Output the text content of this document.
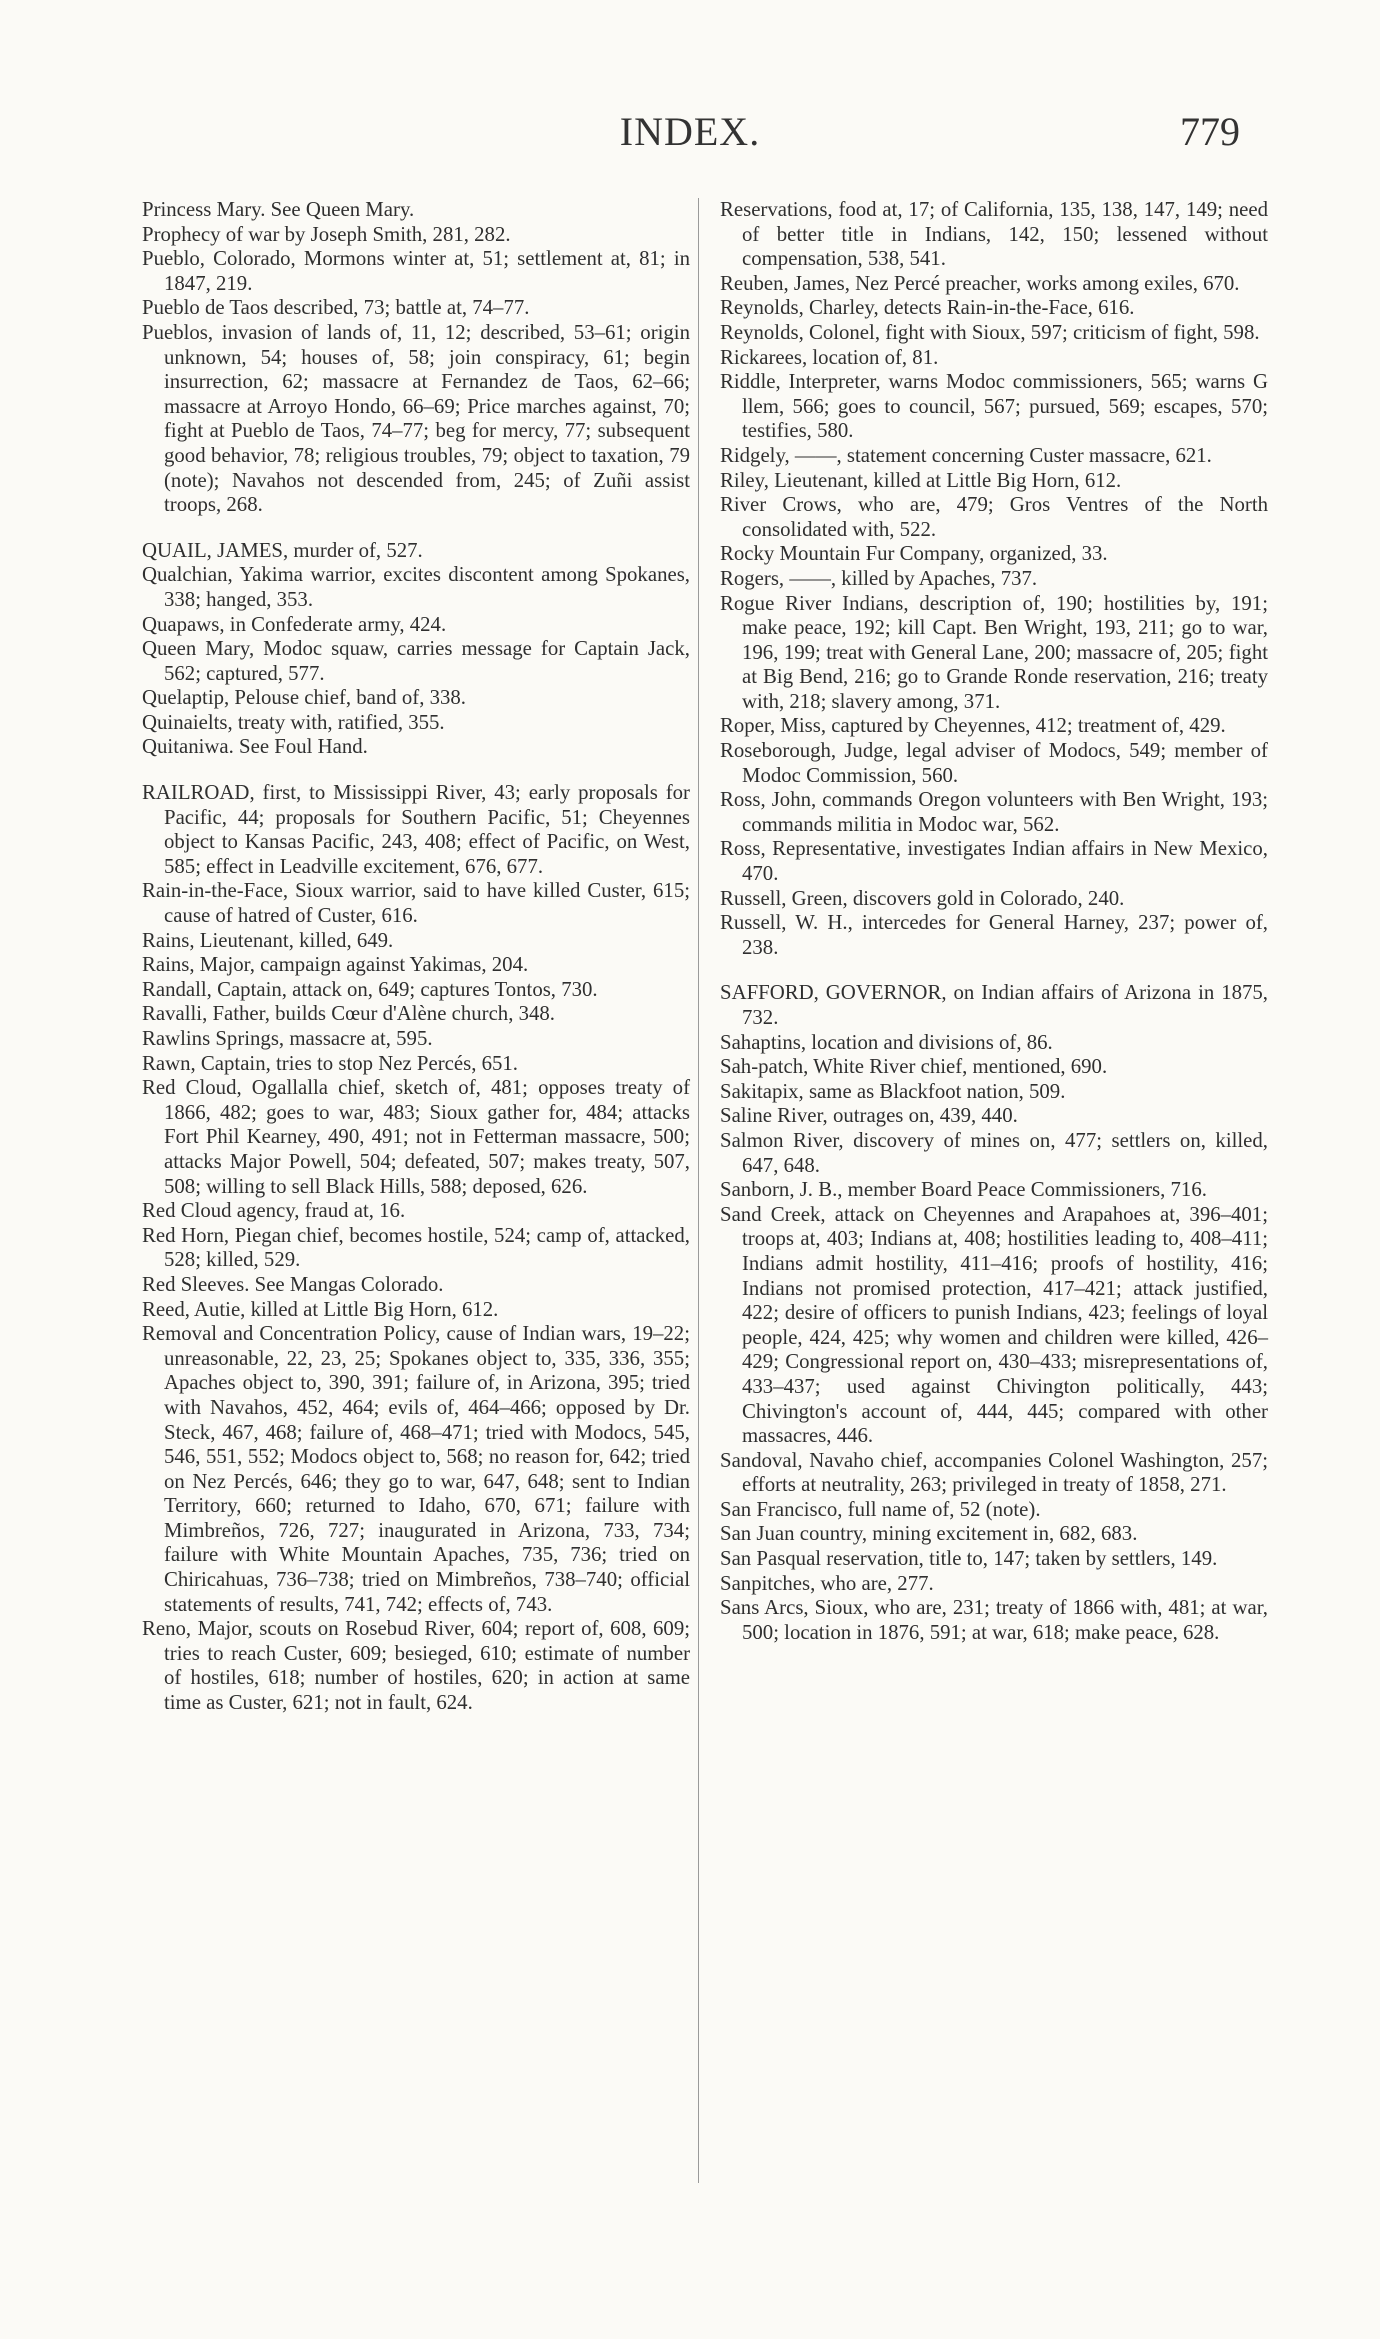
INDEX.	779

Princess Mary. See Queen Mary.

Prophecy of war by Joseph Smith, 281, 282.

Pueblo, Colorado, Mormons winter at, 51; settlement at, 81; in 1847, 219.

Pueblo de Taos described, 73; battle at, 74–77.

Pueblos, invasion of lands of, 11, 12; described, 53–61; origin unknown, 54; houses of, 58; join conspiracy, 61; begin insurrection, 62; massacre at Fernandez de Taos, 62–66; massacre at Arroyo Hondo, 66–69; Price marches against, 70; fight at Pueblo de Taos, 74–77; beg for mercy, 77; subsequent good behavior, 78; religious troubles, 79; object to taxation, 79 (note); Navahos not descended from, 245; of Zuñi assist troops, 268.

QUAIL, JAMES, murder of, 527.

Qualchian, Yakima warrior, excites discontent among Spokanes, 338; hanged, 353.

Quapaws, in Confederate army, 424.

Queen Mary, Modoc squaw, carries message for Captain Jack, 562; captured, 577.

Quelaptip, Pelouse chief, band of, 338.

Quinaielts, treaty with, ratified, 355.

Quitaniwa. See Foul Hand.

RAILROAD, first, to Mississippi River, 43; early proposals for Pacific, 44; proposals for Southern Pacific, 51; Cheyennes object to Kansas Pacific, 243, 408; effect of Pacific, on West, 585; effect in Leadville excitement, 676, 677.

Rain-in-the-Face, Sioux warrior, said to have killed Custer, 615; cause of hatred of Custer, 616.

Rains, Lieutenant, killed, 649.

Rains, Major, campaign against Yakimas, 204.

Randall, Captain, attack on, 649; captures Tontos, 730.

Ravalli, Father, builds Cœur d'Alène church, 348.

Rawlins Springs, massacre at, 595.

Rawn, Captain, tries to stop Nez Percés, 651.

Red Cloud, Ogallalla chief, sketch of, 481; opposes treaty of 1866, 482; goes to war, 483; Sioux gather for, 484; attacks Fort Phil Kearney, 490, 491; not in Fetterman massacre, 500; attacks Major Powell, 504; defeated, 507; makes treaty, 507, 508; willing to sell Black Hills, 588; deposed, 626.

Red Cloud agency, fraud at, 16.

Red Horn, Piegan chief, becomes hostile, 524; camp of, attacked, 528; killed, 529.

Red Sleeves. See Mangas Colorado.

Reed, Autie, killed at Little Big Horn, 612.

Removal and Concentration Policy, cause of Indian wars, 19–22; unreasonable, 22, 23, 25; Spokanes object to, 335, 336, 355; Apaches object to, 390, 391; failure of, in Arizona, 395; tried with Navahos, 452, 464; evils of, 464–466; opposed by Dr. Steck, 467, 468; failure of, 468–471; tried with Modocs, 545, 546, 551, 552; Modocs object to, 568; no reason for, 642; tried on Nez Percés, 646; they go to war, 647, 648; sent to Indian Territory, 660; returned to Idaho, 670, 671; failure with Mimbreños, 726, 727; inaugurated in Arizona, 733, 734; failure with White Mountain Apaches, 735, 736; tried on Chiricahuas, 736–738; tried on Mimbreños, 738–740; official statements of results, 741, 742; effects of, 743.

Reno, Major, scouts on Rosebud River, 604; report of, 608, 609; tries to reach Custer, 609; besieged, 610; estimate of number of hostiles, 618; number of hostiles, 620; in action at same time as Custer, 621; not in fault, 624.

Reservations, food at, 17; of California, 135, 138, 147, 149; need of better title in Indians, 142, 150; lessened without compensation, 538, 541.

Reuben, James, Nez Percé preacher, works among exiles, 670.

Reynolds, Charley, detects Rain-in-the-Face, 616.

Reynolds, Colonel, fight with Sioux, 597; criticism of fight, 598.

Rickarees, location of, 81.

Riddle, Interpreter, warns Modoc commissioners, 565; warns G llem, 566; goes to council, 567; pursued, 569; escapes, 570; testifies, 580.

Ridgely, ——, statement concerning Custer massacre, 621.

Riley, Lieutenant, killed at Little Big Horn, 612.

River Crows, who are, 479; Gros Ventres of the North consolidated with, 522.

Rocky Mountain Fur Company, organized, 33.

Rogers, ——, killed by Apaches, 737.

Rogue River Indians, description of, 190; hostilities by, 191; make peace, 192; kill Capt. Ben Wright, 193, 211; go to war, 196, 199; treat with General Lane, 200; massacre of, 205; fight at Big Bend, 216; go to Grande Ronde reservation, 216; treaty with, 218; slavery among, 371.

Roper, Miss, captured by Cheyennes, 412; treatment of, 429.

Roseborough, Judge, legal adviser of Modocs, 549; member of Modoc Commission, 560.

Ross, John, commands Oregon volunteers with Ben Wright, 193; commands militia in Modoc war, 562.

Ross, Representative, investigates Indian affairs in New Mexico, 470.

Russell, Green, discovers gold in Colorado, 240.

Russell, W. H., intercedes for General Harney, 237; power of, 238.

SAFFORD, GOVERNOR, on Indian affairs of Arizona in 1875, 732.

Sahaptins, location and divisions of, 86.

Sah-patch, White River chief, mentioned, 690.

Sakitapix, same as Blackfoot nation, 509.

Saline River, outrages on, 439, 440.

Salmon River, discovery of mines on, 477; settlers on, killed, 647, 648.

Sanborn, J. B., member Board Peace Commissioners, 716.

Sand Creek, attack on Cheyennes and Arapahoes at, 396–401; troops at, 403; Indians at, 408; hostilities leading to, 408–411; Indians admit hostility, 411–416; proofs of hostility, 416; Indians not promised protection, 417–421; attack justified, 422; desire of officers to punish Indians, 423; feelings of loyal people, 424, 425; why women and children were killed, 426–429; Congressional report on, 430–433; misrepresentations of, 433–437; used against Chivington politically, 443; Chivington's account of, 444, 445; compared with other massacres, 446.

Sandoval, Navaho chief, accompanies Colonel Washington, 257; efforts at neutrality, 263; privileged in treaty of 1858, 271.

San Francisco, full name of, 52 (note).

San Juan country, mining excitement in, 682, 683.

San Pasqual reservation, title to, 147; taken by settlers, 149.

Sanpitches, who are, 277.

Sans Arcs, Sioux, who are, 231; treaty of 1866 with, 481; at war, 500; location in 1876, 591; at war, 618; make peace, 628.
